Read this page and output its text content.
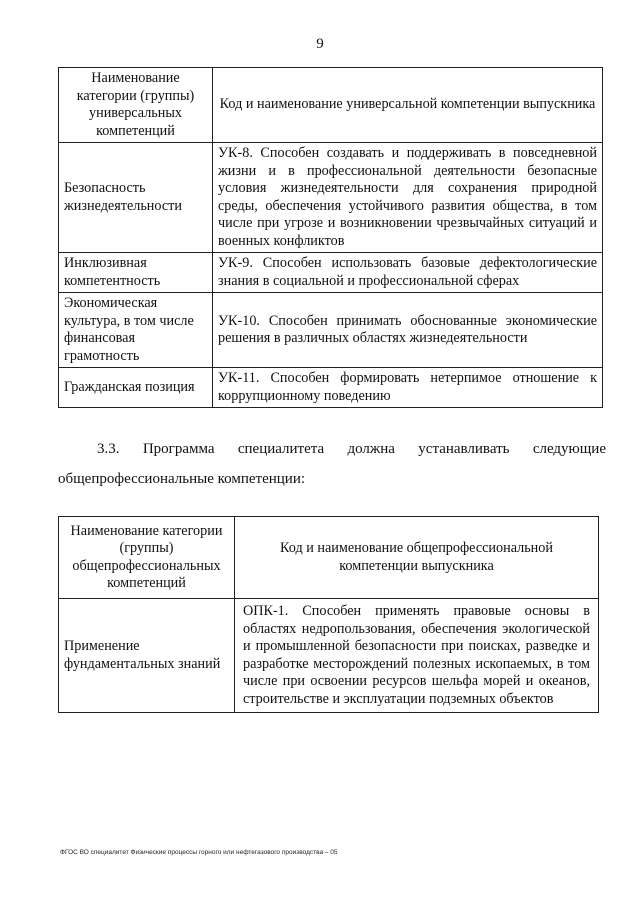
9
Наименование категории (группы) универсальных компетенций	Код и наименование универсальной компетенции выпускника
Безопасность жизнедеятельности	УК-8. Способен создавать и поддерживать в повседневной жизни и в профессиональной деятельности безопасные условия жизнедеятельности для сохранения природной среды, обеспечения устойчивого развития общества, в том числе при угрозе и возникновении чрезвычайных ситуаций и военных конфликтов
Инклюзивная компетентность	УК-9. Способен использовать базовые дефектологические знания в социальной и профессиональной сферах
Экономическая культура, в том числе финансовая грамотность	УК-10. Способен принимать обоснованные экономические решения в различных областях жизнедеятельности
Гражданская позиция	УК-11. Способен формировать нетерпимое отношение к коррупционному поведению
3.3. Программа специалитета должна устанавливать следующие
общепрофессиональные компетенции:
Наименование категории (группы) общепрофессиональных компетенций	Код и наименование общепрофессиональной компетенции выпускника
Применение фундаментальных знаний	ОПК-1. Способен применять правовые основы в областях недропользования, обеспечения экологической и промышленной безопасности при поисках, разведке и разработке месторождений полезных ископаемых, в том числе при освоении ресурсов шельфа морей и океанов, строительстве и эксплуатации подземных объектов
ФГОС ВО специалитет Физические процессы горного или нефтегазового производства – 05
